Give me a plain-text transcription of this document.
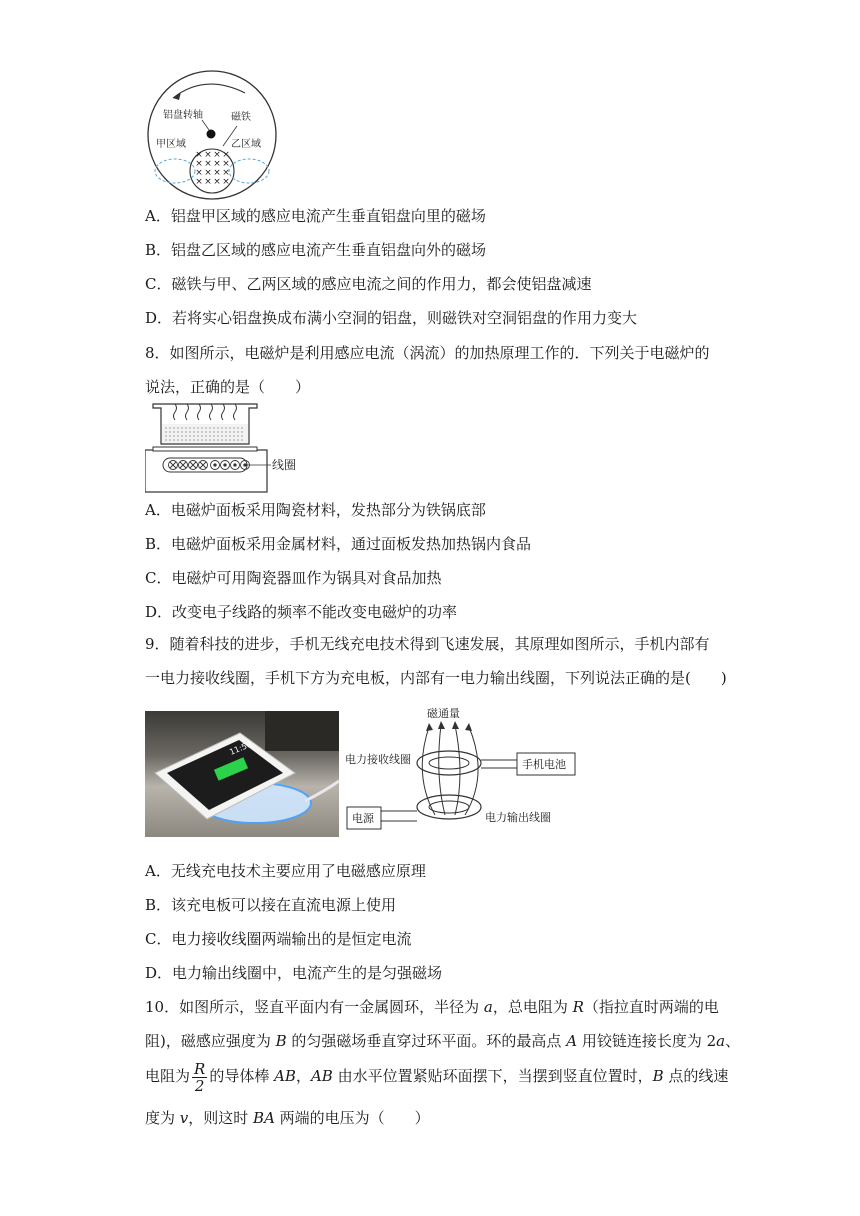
× × × ×
× × × ×
× × × ×
× × × ×
铝盘转轴	磁铁
甲区域	乙区域
A．铝盘甲区域的感应电流产生垂直铝盘向里的磁场
B．铝盘乙区域的感应电流产生垂直铝盘向外的磁场
C．磁铁与甲、乙两区域的感应电流之间的作用力，都会使铝盘减速
D．若将实心铝盘换成布满小空洞的铝盘，则磁铁对空洞铝盘的作用力变大
8．如图所示，电磁炉是利用感应电流（涡流）的加热原理工作的．下列关于电磁炉的
说法，正确的是（　　）
线圈
A．电磁炉面板采用陶瓷材料，发热部分为铁锅底部
B．电磁炉面板采用金属材料，通过面板发热加热锅内食品
C．电磁炉可用陶瓷器皿作为锅具对食品加热
D．改变电子线路的频率不能改变电磁炉的功率
9．随着科技的进步，手机无线充电技术得到飞速发展，其原理如图所示，手机内部有
一电力接收线圈，手机下方为充电板，内部有一电力输出线圈，下列说法正确的是(　　)
11:58
磁通量
手机电池
电力接收线圈
电源	电力输出线圈
A．无线充电技术主要应用了电磁感应原理
B．该充电板可以接在直流电源上使用
C．电力接收线圈两端输出的是恒定电流
D．电力输出线圈中，电流产生的是匀强磁场
10．如图所示，竖直平面内有一金属圆环，半径为 a，总电阻为 R（指拉直时两端的电
阻)，磁感应强度为 B 的匀强磁场垂直穿过环平面。环的最高点 A 用铰链连接长度为 2a、
电阻为 $\frac{R}{2}$ 的导体棒 AB，AB 由水平位置紧贴环面摆下，当摆到竖直位置时，B 点的线速
度为 v，则这时 BA 两端的电压为（　　）
